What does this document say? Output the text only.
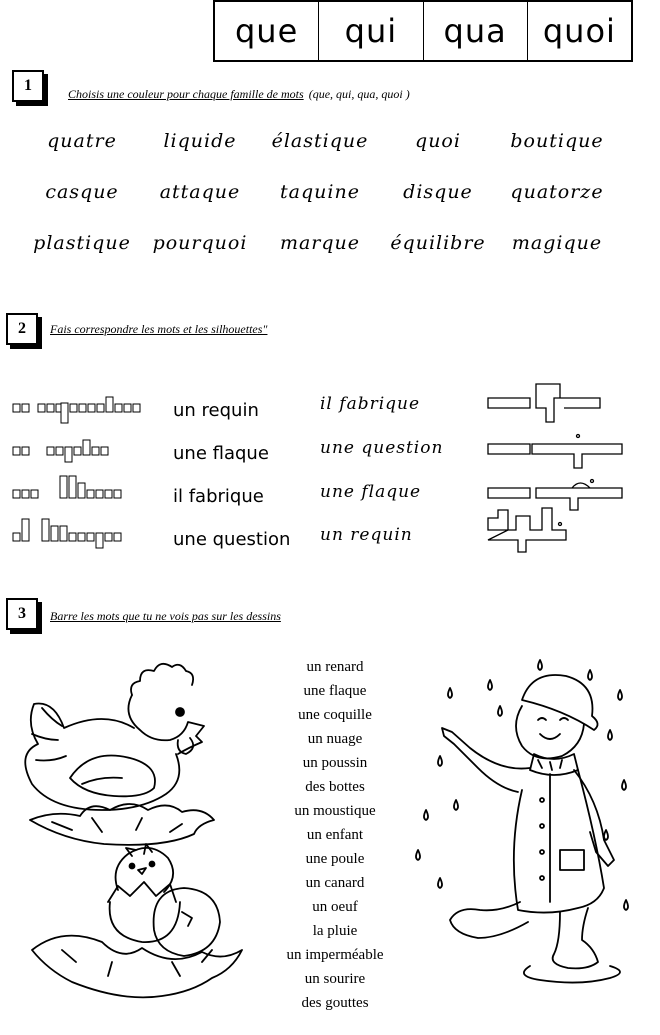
que	qui	qua	quoi
1	Choisis une couleur pour chaque famille de mots (que, qui, qua, quoi )
quatre	liquide	élastique	quoi	boutique
casque	attaque	taquine	disque	quatorze
plastique	pourquoi	marque	équilibre	magique
2	Fais correspondre les mots et les silhouettes"
un requin
une flaque
il fabrique
une question
il fabrique
une question
une flaque
un requin
3	Barre les mots que tu ne vois pas sur les dessins
un renard
une flaque
une coquille
un nuage
un poussin
des bottes
un moustique
un enfant
une poule
un canard
un oeuf
la pluie
un imperméable
un sourire
des gouttes
